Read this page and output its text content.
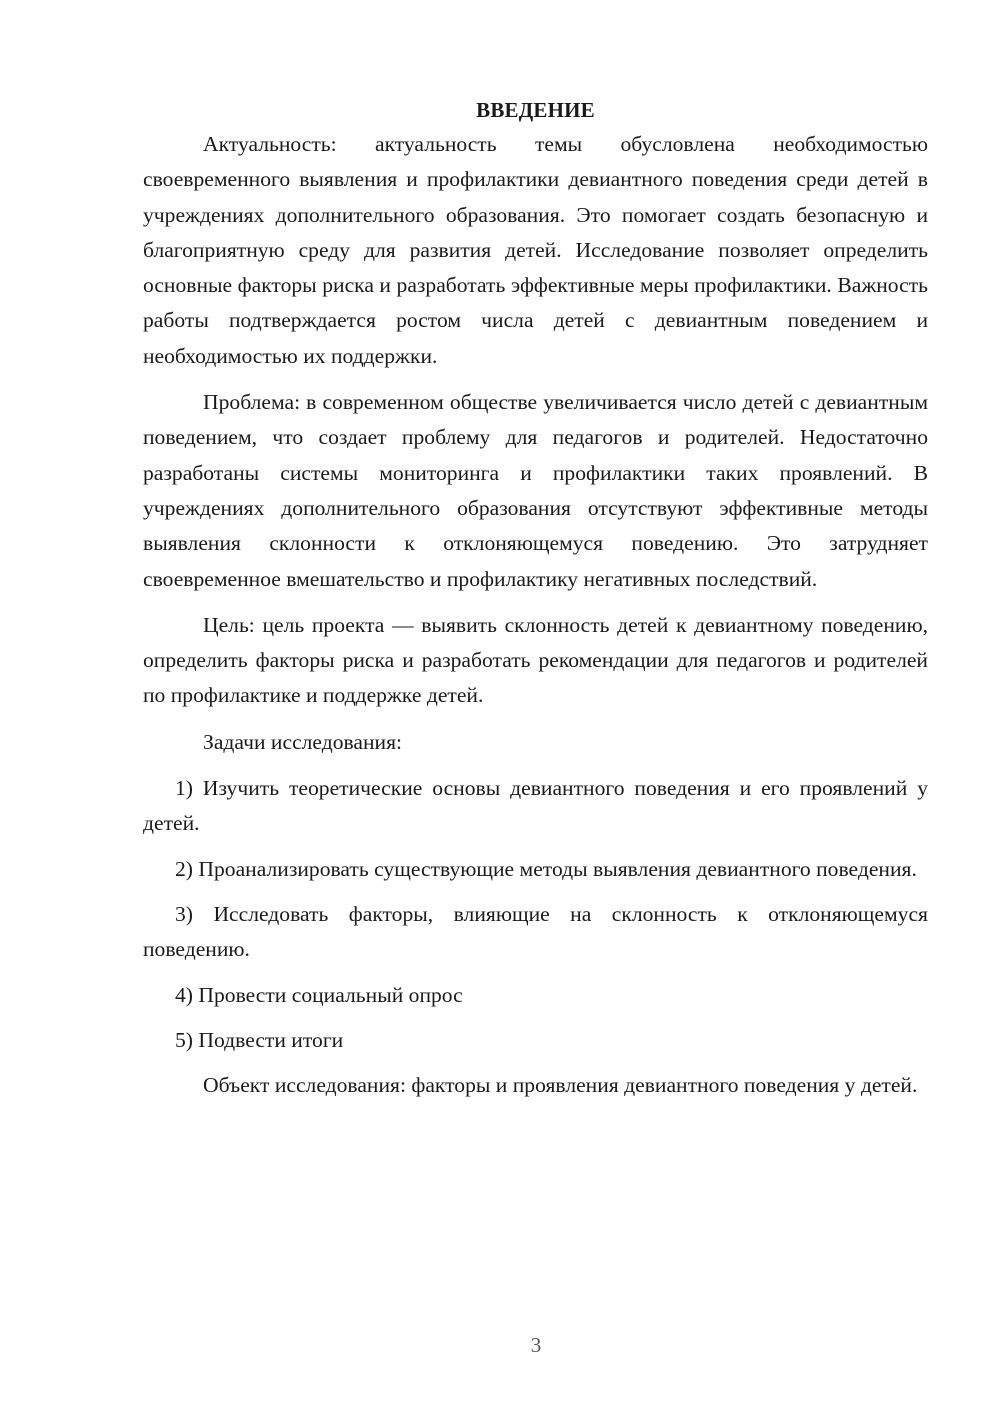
ВВЕДЕНИЕ

Актуальность: актуальность темы обусловлена необходимостью своевременного выявления и профилактики девиантного поведения среди детей в учреждениях дополнительного образования. Это помогает создать безопасную и благоприятную среду для развития детей. Исследование позволяет определить основные факторы риска и разработать эффективные меры профилактики. Важность работы подтверждается ростом числа детей с девиантным поведением и необходимостью их поддержки.

Проблема: в современном обществе увеличивается число детей с девиантным поведением, что создает проблему для педагогов и родителей. Недостаточно разработаны системы мониторинга и профилактики таких проявлений. В учреждениях дополнительного образования отсутствуют эффективные методы выявления склонности к отклоняющемуся поведению. Это затрудняет своевременное вмешательство и профилактику негативных последствий.

Цель: цель проекта — выявить склонность детей к девиантному поведению, определить факторы риска и разработать рекомендации для педагогов и родителей по профилактике и поддержке детей.

Задачи исследования:

1) Изучить теоретические основы девиантного поведения и его проявлений у детей.

2) Проанализировать существующие методы выявления девиантного поведения.

3) Исследовать факторы, влияющие на склонность к отклоняющемуся поведению.

4) Провести социальный опрос

5) Подвести итоги

Объект исследования: факторы и проявления девиантного поведения у детей.

3
